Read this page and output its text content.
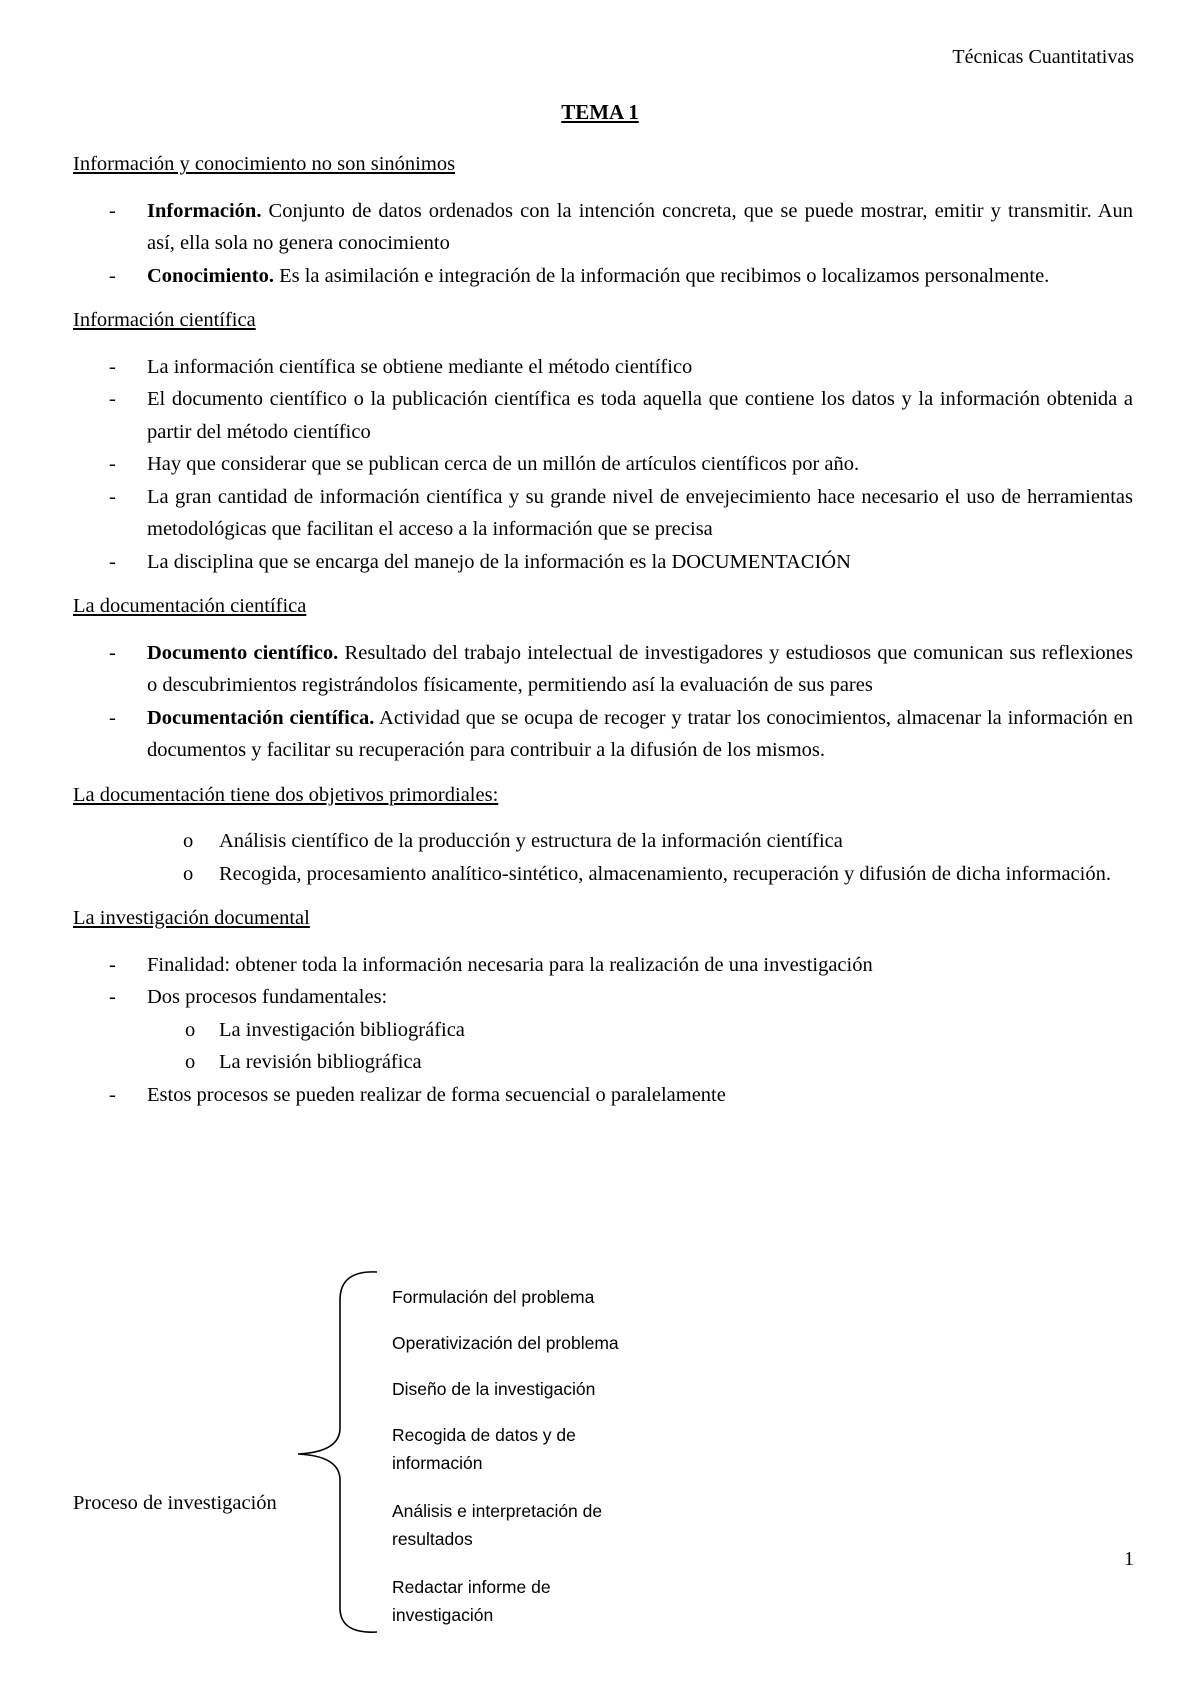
Técnicas Cuantitativas
TEMA 1

Información y conocimiento no son sinónimos

- Información. Conjunto de datos ordenados con la intención concreta, que se puede mostrar, emitir y transmitir. Aun así, ella sola no genera conocimiento
- Conocimiento. Es la asimilación e integración de la información que recibimos o localizamos personalmente.

Información científica

- La información científica se obtiene mediante el método científico
- El documento científico o la publicación científica es toda aquella que contiene los datos y la información obtenida a partir del método científico
- Hay que considerar que se publican cerca de un millón de artículos científicos por año.
- La gran cantidad de información científica y su grande nivel de envejecimiento hace necesario el uso de herramientas metodológicas que facilitan el acceso a la información que se precisa
- La disciplina que se encarga del manejo de la información es la DOCUMENTACIÓN

La documentación científica

- Documento científico. Resultado del trabajo intelectual de investigadores y estudiosos que comunican sus reflexiones o descubrimientos registrándolos físicamente, permitiendo así la evaluación de sus pares
- Documentación científica. Actividad que se ocupa de recoger y tratar los conocimientos, almacenar la información en documentos y facilitar su recuperación para contribuir a la difusión de los mismos.

La documentación tiene dos objetivos primordiales:

o Análisis científico de la producción y estructura de la información científica
o Recogida, procesamiento analítico-sintético, almacenamiento, recuperación y difusión de dicha información.

La investigación documental

- Finalidad: obtener toda la información necesaria para la realización de una investigación
- Dos procesos fundamentales:
o La investigación bibliográfica
o La revisión bibliográfica
- Estos procesos se pueden realizar de forma secuencial o paralelamente
Proceso de investigación
Formulación del problema
Operativización del problema
Diseño de la investigación
Recogida de datos y de información
Análisis e interpretación de resultados
Redactar informe de investigación
1
